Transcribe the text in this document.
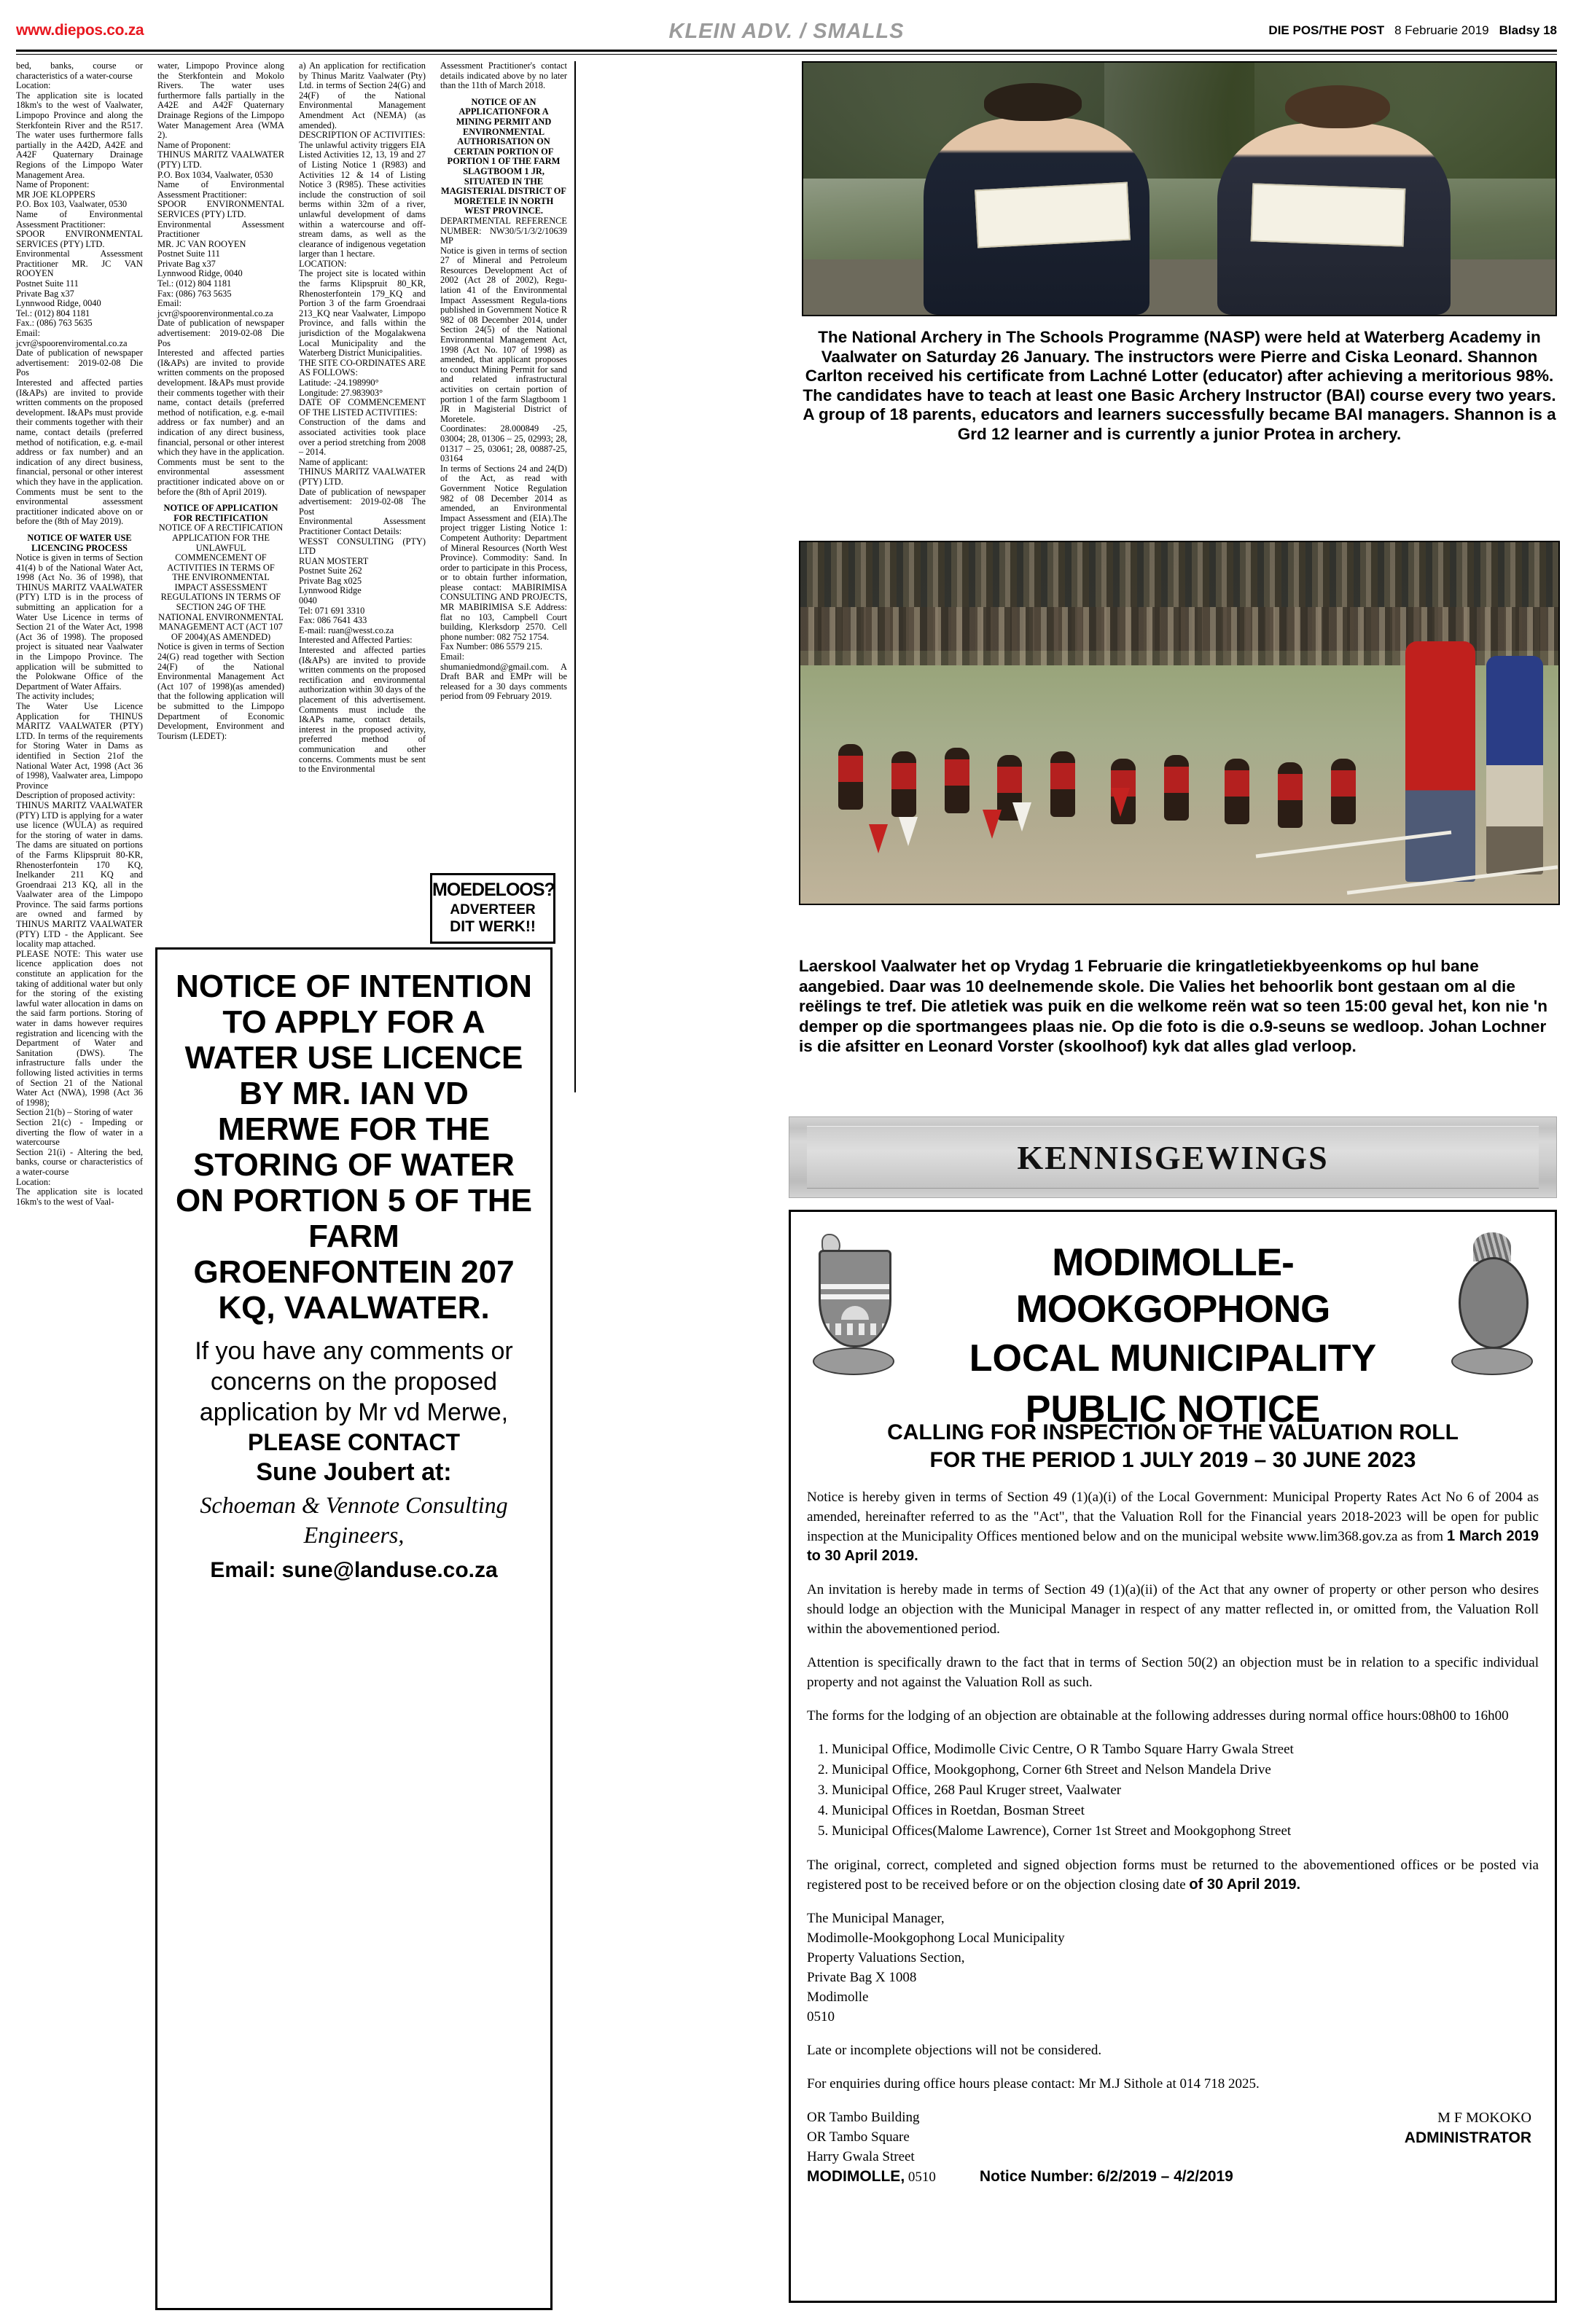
www.diepos.co.za	KLEIN ADV. / SMALLS	DIE POS/THE POST 8 Februarie 2019 Bladsy 18

bed, banks, course or characteristics of a water-course

Location:

The application site is located 18km's to the west of Vaalwater, Limpopo Province and along the Sterkfontein River and the R517. The water uses furthermore falls partially in the A42D, A42E and A42F Quaternary Drainage Regions of the Limpopo Water Management Area.

Name of Proponent:

MR JOE KLOPPERS

P.O. Box 103, Vaalwater, 0530

Name of Environmental Assessment Practitioner:

SPOOR ENVIRONMENTAL SERVICES (PTY) LTD.

Environmental Assessment Practitioner MR. JC VAN ROOYEN

Postnet Suite 111

Private Bag x37

Lynnwood Ridge, 0040

Tel.: (012) 804 1181

Fax.: (086) 763 5635

Email: jcvr@spoorenviromental.co.za

Date of publication of newspaper advertisement: 2019-02-08 Die Pos

Interested and affected parties (I&APs) are invited to provide written comments on the proposed development. I&APs must provide their comments together with their name, contact details (preferred method of notification, e.g. e-mail address or fax number) and an indication of any direct business, financial, personal or other interest which they have in the application. Comments must be sent to the environmental assessment practitioner indicated above on or before the (8th of May 2019).

NOTICE OF WATER USE LICENCING PROCESS

Notice is given in terms of Section 41(4) b of the National Water Act, 1998 (Act No. 36 of 1998), that THINUS MARITZ VAALWATER (PTY) LTD is in the process of submitting an application for a Water Use Licence in terms of Section 21 of the Water Act, 1998 (Act 36 of 1998). The proposed project is situated near Vaalwater in the Limpopo Province. The application will be submitted to the Polokwane Office of the Department of Water Affairs.

The activity includes;

The Water Use Licence Application for THINUS MARITZ VAALWATER (PTY) LTD. In terms of the requirements for Storing Water in Dams as identified in Section 21of the National Water Act, 1998 (Act 36 of 1998), Vaalwater area, Limpopo Province

Description of proposed activity:

THINUS MARITZ VAALWATER (PTY) LTD is applying for a water use licence (WULA) as required for the storing of water in dams. The dams are situated on portions of the Farms Klipspruit 80-KR, Rhenosterfontein 170 KQ, Inelkander 211 KQ and Groendraai 213 KQ, all in the Vaalwater area of the Limpopo Province. The said farms portions are owned and farmed by THINUS MARITZ VAALWATER (PTY) LTD - the Applicant. See locality map attached.

PLEASE NOTE: This water use licence application does not constitute an application for the taking of additional water but only for the storing of the existing lawful water allocation in dams on the said farm portions. Storing of water in dams however requires registration and licencing with the Department of Water and Sanitation (DWS). The infrastructure falls under the following listed activities in terms of Section 21 of the National Water Act (NWA), 1998 (Act 36 of 1998);

Section 21(b) – Storing of water

Section 21(c) - Impeding or diverting the flow of water in a watercourse

Section 21(i) - Altering the bed, banks, course or characteristics of a water-course

Location:

The application site is located 16km's to the west of Vaal-

water, Limpopo Province along the Sterkfontein and Mokolo Rivers. The water uses furthermore falls partially in the A42E and A42F Quaternary Drainage Regions of the Limpopo Water Management Area (WMA 2).

Name of Proponent:

THINUS MARITZ VAALWATER (PTY) LTD.

P.O. Box 1034, Vaalwater, 0530

Name of Environmental Assessment Practitioner:

SPOOR ENVIRONMENTAL SERVICES (PTY) LTD.

Environmental Assessment Practitioner

MR. JC VAN ROOYEN

Postnet Suite 111

Private Bag x37

Lynnwood Ridge, 0040

Tel.: (012) 804 1181

Fax: (086) 763 5635

Email: jcvr@spoorenvironmental.co.za

Date of publication of newspaper advertisement: 2019-02-08 Die Pos

Interested and affected parties (I&APs) are invited to provide written comments on the proposed development. I&APs must provide their comments together with their name, contact details (preferred method of notification, e.g. e-mail address or fax number) and an indication of any direct business, financial, personal or other interest which they have in the application. Comments must be sent to the environmental assessment practitioner indicated above on or before the (8th of April 2019).

NOTICE OF APPLICATION FOR RECTIFICATION

NOTICE OF A RECTIFICATION APPLICATION FOR THE UNLAWFUL COMMENCEMENT OF ACTIVITIES IN TERMS OF THE ENVIRONMENTAL IMPACT ASSESSMENT REGULATIONS IN TERMS OF SECTION 24G OF THE NATIONAL ENVIRONMENTAL MANAGEMENT ACT (ACT 107 OF 2004)(AS AMENDED)

Notice is given in terms of Section 24(G) read together with Section 24(F) of the National Environmental Management Act (Act 107 of 1998)(as amended) that the following application will be submitted to the Limpopo Department of Economic Development, Environment and Tourism (LEDET):

a) An application for rectification by Thinus Maritz Vaalwater (Pty) Ltd. in terms of Section 24(G) and 24(F) of the National Environmental Management Amendment Act (NEMA) (as amended).

DESCRIPTION OF ACTIVITIES:

The unlawful activity triggers EIA Listed Activities 12, 13, 19 and 27 of Listing Notice 1 (R983) and Activities 12 & 14 of Listing Notice 3 (R985). These activities include the construction of soil berms within 32m of a river, unlawful development of dams within a watercourse and off-stream dams, as well as the clearance of indigenous vegetation larger than 1 hectare.

LOCATION:

The project site is located within the farms Klipspruit 80_KR, Rhenosterfontein 179_KQ and Portion 3 of the farm Groendraai 213_KQ near Vaalwater, Limpopo Province, and falls within the jurisdiction of the Mogalakwena Local Municipality and the Waterberg District Municipalities.

THE SITE CO-ORDINATES ARE AS FOLLOWS:

Latitude: -24.198990°

Longitude: 27.983903°

DATE OF COMMENCEMENT OF THE LISTED ACTIVITIES:

Construction of the dams and associated activities took place over a period stretching from 2008 – 2014.

Name of applicant:

THINUS MARITZ VAALWATER (PTY) LTD.

Date of publication of newspaper advertisement: 2019-02-08 The Post

Environmental Assessment Practitioner Contact Details:

WESST CONSULTING (PTY) LTD

RUAN MOSTERT

Postnet Suite 262

Private Bag x025

Lynnwood Ridge

0040

Tel: 071 691 3310

Fax: 086 7641 433

E-mail: ruan@wesst.co.za

Interested and Affected Parties:

Interested and affected parties (I&APs) are invited to provide written comments on the proposed rectification and environmental authorization within 30 days of the placement of this advertisement. Comments must include the I&APs name, contact details, interest in the proposed activity, preferred method of communication and other concerns. Comments must be sent to the Environmental

Assessment Practitioner's contact details indicated above by no later than the 11th of March 2018.

NOTICE OF AN APPLICATIONFOR A MINING PERMIT AND ENVIRONMENTAL AUTHORISATION ON CERTAIN PORTION OF PORTION 1 OF THE FARM SLAGTBOOM 1 JR, SITUATED IN THE MAGISTERIAL DISTRICT OF MORETELE IN NORTH WEST PROVINCE.

DEPARTMENTAL REFERENCE NUMBER: NW30/5/1/3/2/10639 MP

Notice is given in terms of section 27 of Mineral and Petroleum Resources Development Act of 2002 (Act 28 of 2002), Regu-lation 41 of the Environmental Impact Assessment Regula-tions published in Government Notice R 982 of 08 December 2014, under Section 24(5) of the National Environmental Management Act, 1998 (Act No. 107 of 1998) as amended, that applicant proposes to conduct Mining Permit for sand and related infrastructural activities on certain portion of portion 1 of the farm Slagtboom 1 JR in Magisterial District of Moretele.

Coordinates: 28.000849 -25, 03004; 28, 01306 – 25, 02993; 28, 01317 – 25, 03061; 28, 00887-25, 03164

In terms of Sections 24 and 24(D) of the Act, as read with Government Notice Regulation 982 of 08 December 2014 as amended, an Environmental Impact Assessment and (EIA).The project trigger Listing Notice 1: Competent Authority: Department of Mineral Resources (North West Province). Commodity: Sand. In order to participate in this Process, or to obtain further information, please contact: MABIRIMISA CONSULTING AND PROJECTS, MR MABIRIMISA S.E Address: flat no 103, Campbell Court building, Klerksdorp 2570. Cell phone number: 082 752 1754.

Fax Number: 086 5579 215.

Email: shumaniedmond@gmail.com. A Draft BAR and EMPr will be released for a 30 days comments period from 09 February 2019.

MOEDELOOS?
ADVERTEER
DIT WERK!!
NOTICE OF INTENTION TO APPLY FOR A WATER USE LICENCE BY MR. IAN VD MERWE FOR THE STORING OF WATER ON PORTION 5 OF THE FARM GROENFONTEIN 207 KQ, VAALWATER.
If you have any comments or concerns on the proposed application by Mr vd Merwe,
PLEASE CONTACT
Sune Joubert at:
Schoeman & Vennote Consulting Engineers,
Email: sune@landuse.co.za
The National Archery in The Schools Programme (NASP) were held at Waterberg Academy in Vaalwater on Saturday 26 January. The instructors were Pierre and Ciska Leonard. Shannon Carlton received his certificate from Lachné Lotter (educator) after achieving a meritorious 98%. The candidates have to teach at least one Basic Archery Instructor (BAI) course every two years. A group of 18 parents, educators and learners successfully became BAI managers. Shannon is a Grd 12 learner and is currently a junior Protea in archery.
Laerskool Vaalwater het op Vrydag 1 Februarie die kringatletiekbyeenkoms op hul bane aangebied. Daar was 10 deelnemende skole. Die Valies het behoorlik bont gestaan om al die reëlings te tref. Die atletiek was puik en die welkome reën wat so teen 15:00 geval het, kon nie 'n demper op die sportmangees plaas nie. Op die foto is die o.9-seuns se wedloop. Johan Lochner is die afsitter en Leonard Vorster (skoolhoof) kyk dat alles glad verloop.
KENNISGEWINGS
MODIMOLLE-MOOKGOPHONG
LOCAL MUNICIPALITY
PUBLIC NOTICE
CALLING FOR INSPECTION OF THE VALUATION ROLL
FOR THE PERIOD 1 JULY 2019 – 30 JUNE 2023

Notice is hereby given in terms of Section 49 (1)(a)(i) of the Local Government: Municipal Property Rates Act No 6 of 2004 as amended, hereinafter referred to as the "Act", that the Valuation Roll for the Financial years 2018-2023 will be open for public inspection at the Municipality Offices mentioned below and on the municipal website www.lim368.gov.za as from 1 March 2019 to 30 April 2019.

An invitation is hereby made in terms of Section 49 (1)(a)(ii) of the Act that any owner of property or other person who desires should lodge an objection with the Municipal Manager in respect of any matter reflected in, or omitted from, the Valuation Roll within the abovementioned period.

Attention is specifically drawn to the fact that in terms of Section 50(2) an objection must be in relation to a specific individual property and not against the Valuation Roll as such.

The forms for the lodging of an objection are obtainable at the following addresses during normal office hours:08h00 to 16h00

1. Municipal Office, Modimolle Civic Centre, O R Tambo Square Harry Gwala Street
2. Municipal Office, Mookgophong, Corner 6th Street and Nelson Mandela Drive
3. Municipal Office, 268 Paul Kruger street, Vaalwater
4. Municipal Offices in Roetdan, Bosman Street
5. Municipal Offices(Malome Lawrence), Corner 1st Street and Mookgophong Street

The original, correct, completed and signed objection forms must be returned to the abovementioned offices or be posted via registered post to be received before or on the objection closing date of 30 April 2019.

The Municipal Manager,
Modimolle-Mookgophong Local Municipality
Property Valuations Section,
Private Bag X 1008
Modimolle
0510

Late or incomplete objections will not be considered.

For enquiries during office hours please contact: Mr M.J Sithole at 014 718 2025.

M F MOKOKO
ADMINISTRATOR
OR Tambo Building
OR Tambo Square
Harry Gwala Street
MODIMOLLE, 0510	Notice Number: 6/2/2019 – 4/2/2019
